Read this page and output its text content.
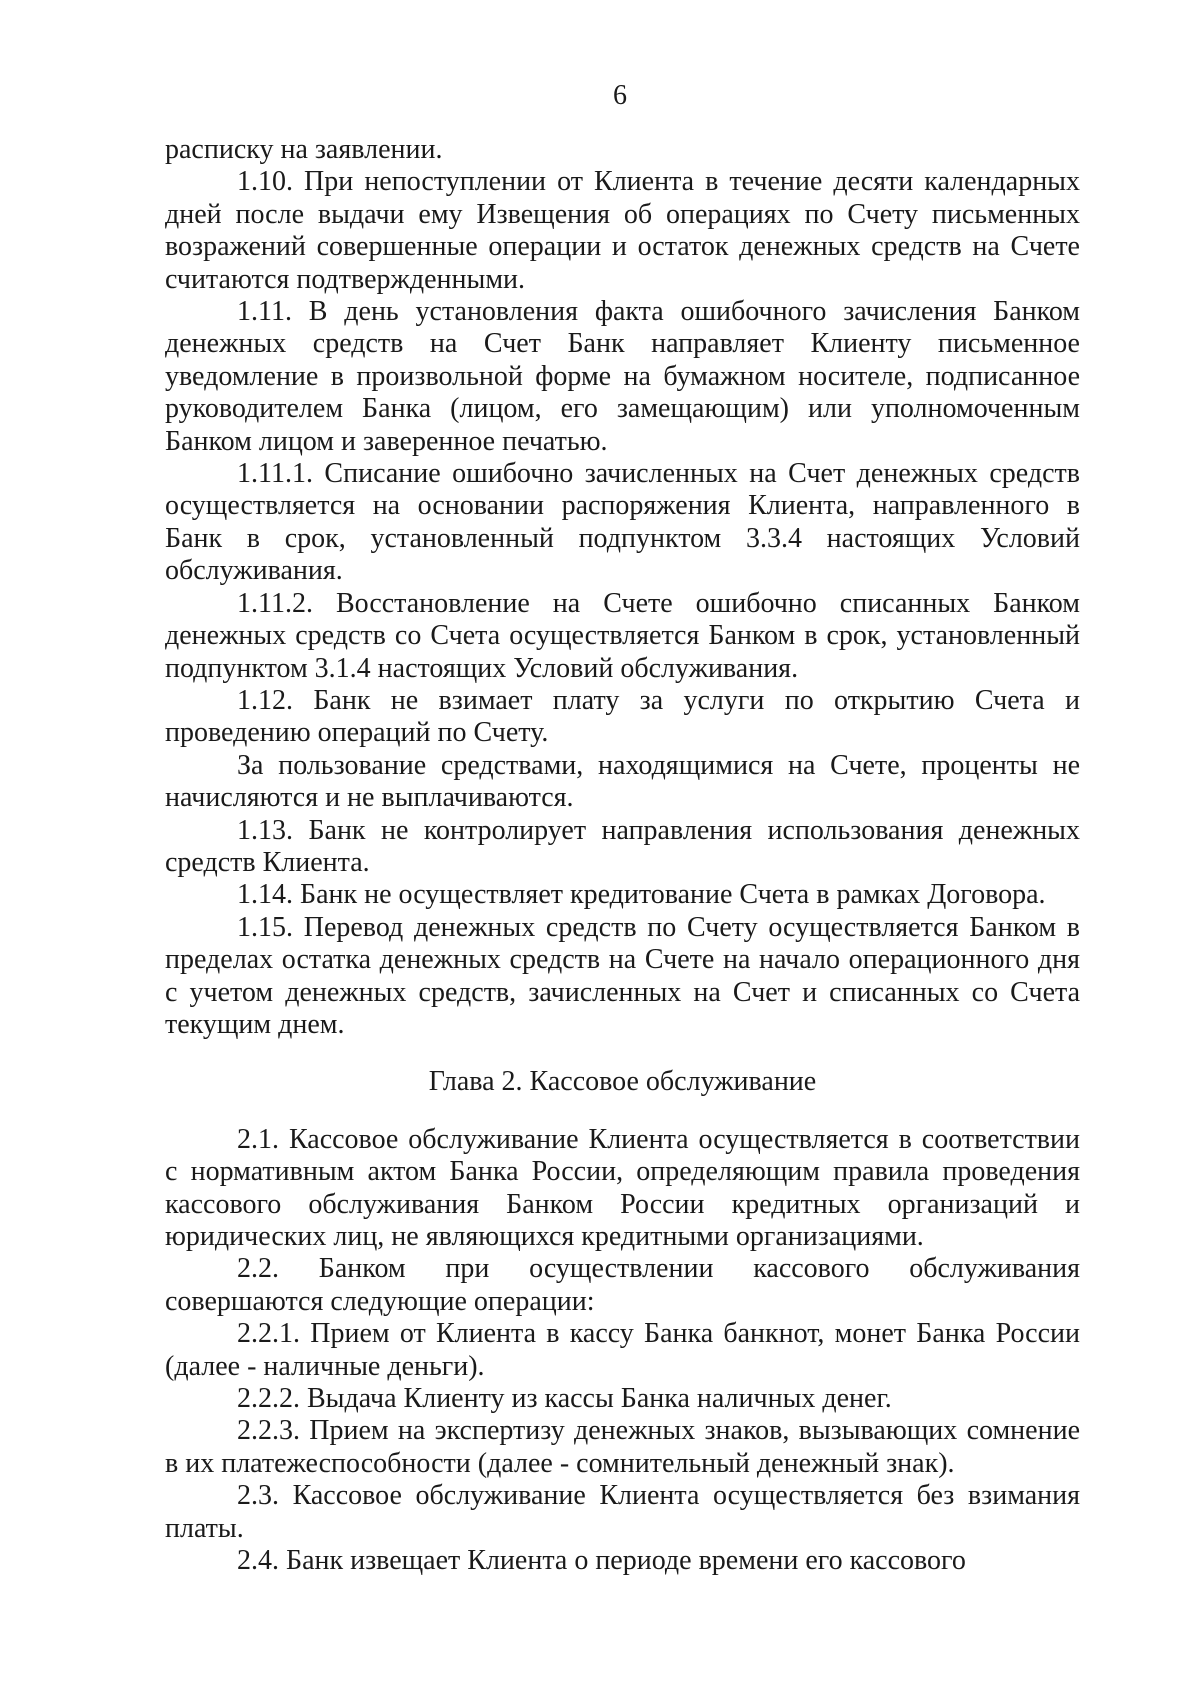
6

расписку на заявлении.

1.10. При непоступлении от Клиента в течение десяти календарных дней после выдачи ему Извещения об операциях по Счету письменных возражений совершенные операции и остаток денежных средств на Счете считаются подтвержденными.

1.11. В день установления факта ошибочного зачисления Банком денежных средств на Счет Банк направляет Клиенту письменное уведомление в произвольной форме на бумажном носителе, подписанное руководителем Банка (лицом, его замещающим) или уполномоченным Банком лицом и заверенное печатью.

1.11.1. Списание ошибочно зачисленных на Счет денежных средств осуществляется на основании распоряжения Клиента, направленного в Банк в срок, установленный подпунктом 3.3.4 настоящих Условий обслуживания.

1.11.2. Восстановление на Счете ошибочно списанных Банком денежных средств со Счета осуществляется Банком в срок, установленный подпунктом 3.1.4 настоящих Условий обслуживания.

1.12. Банк не взимает плату за услуги по открытию Счета и проведению операций по Счету.

За пользование средствами, находящимися на Счете, проценты не начисляются и не выплачиваются.

1.13. Банк не контролирует направления использования денежных средств Клиента.

1.14. Банк не осуществляет кредитование Счета в рамках Договора.

1.15. Перевод денежных средств по Счету осуществляется Банком в пределах остатка денежных средств на Счете на начало операционного дня с учетом денежных средств, зачисленных на Счет и списанных со Счета текущим днем.

Глава 2. Кассовое обслуживание

2.1. Кассовое обслуживание Клиента осуществляется в соответствии с нормативным актом Банка России, определяющим правила проведения кассового обслуживания Банком России кредитных организаций и юридических лиц, не являющихся кредитными организациями.

2.2. Банком при осуществлении кассового обслуживания совершаются следующие операции:

2.2.1. Прием от Клиента в кассу Банка банкнот, монет Банка России (далее - наличные деньги).

2.2.2. Выдача Клиенту из кассы Банка наличных денег.

2.2.3. Прием на экспертизу денежных знаков, вызывающих сомнение в их платежеспособности (далее - сомнительный денежный знак).

2.3. Кассовое обслуживание Клиента осуществляется без взимания платы.

2.4. Банк извещает Клиента о периоде времени его кассового
